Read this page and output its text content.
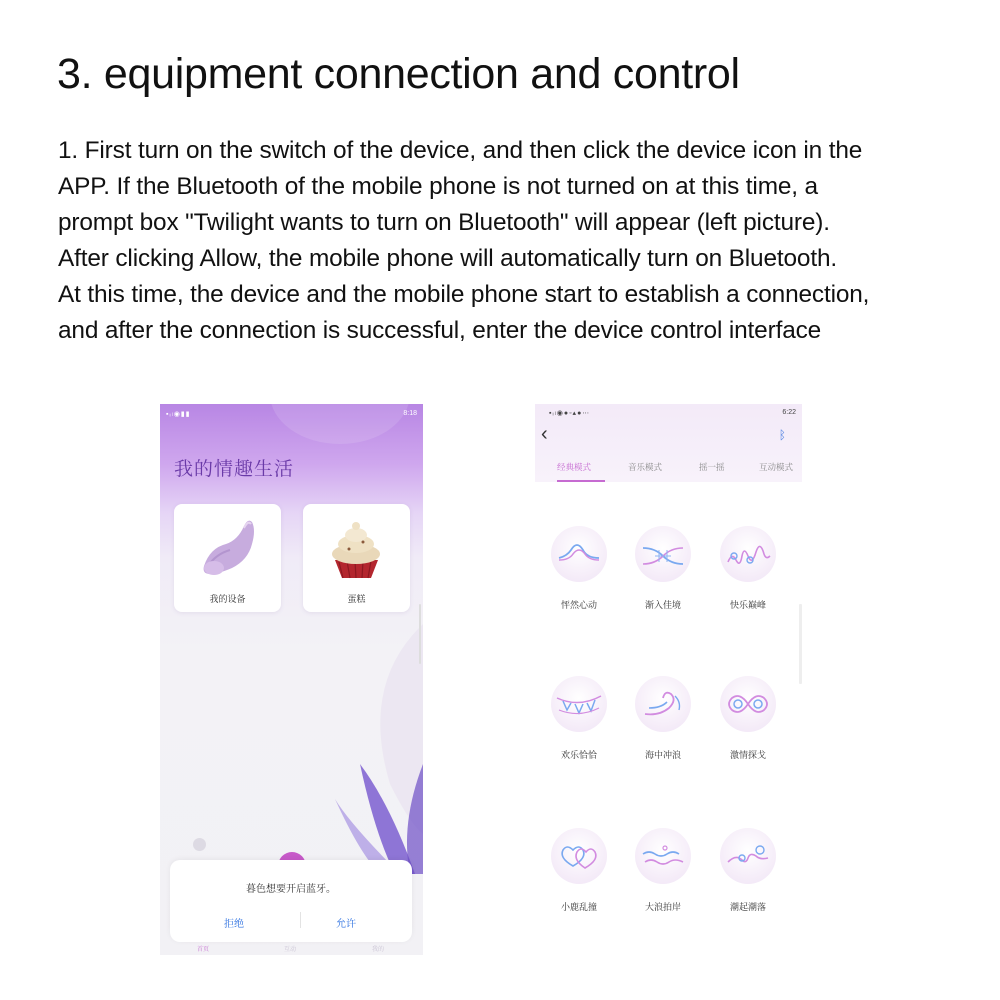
3. equipment connection and control

1. First turn on the switch of the device, and then click the device icon in the
APP. If the Bluetooth of the mobile phone is not turned on at this time, a
prompt box "Twilight wants to turn on Bluetooth" will appear (left picture).
After clicking Allow, the mobile phone will automatically turn on Bluetooth.
At this time, the device and the mobile phone start to establish a connection,
and after the connection is successful, enter the device control interface

▪ᵢₗ◉▮▮	8:18
我的情趣生活
我的设备	蛋糕
暮色想要开启蓝牙。
拒绝	允许
首页	互动	我的
▪ᵢₗ◉●◦▴●⋯	6:22
‹	ᛒ
经典模式	音乐模式	摇一摇	互动模式
怦然心动	渐入佳境	快乐巅峰
欢乐恰恰	海中冲浪	激情探戈
小鹿乱撞	大浪拍岸	潮起潮落
